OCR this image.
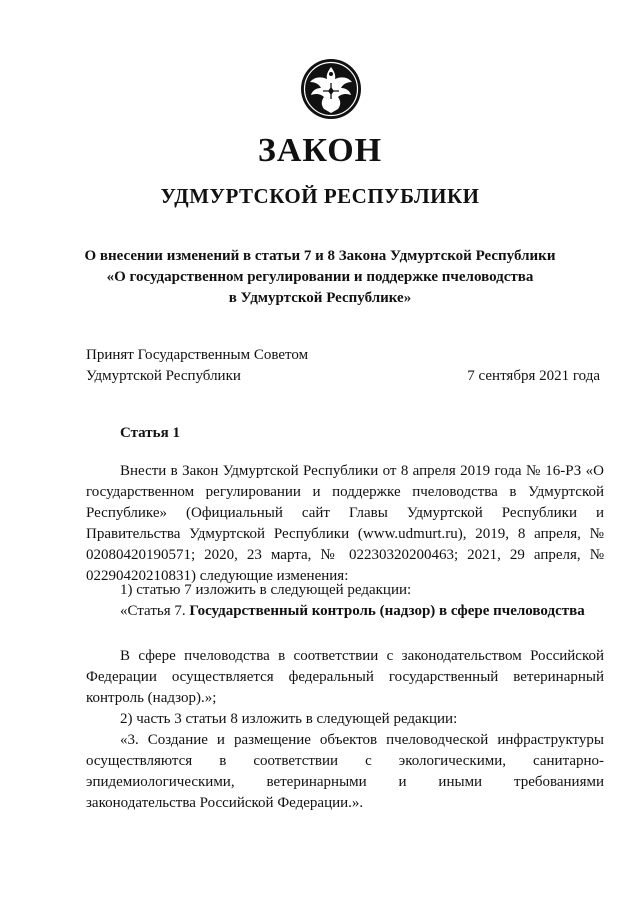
ЗАКОН
УДМУРТСКОЙ РЕСПУБЛИКИ

О внесении изменений в статьи 7 и 8 Закона Удмуртской Республики
«О государственном регулировании и поддержке пчеловодства
в Удмуртской Республике»

Принят Государственным Советом
Удмуртской Республики	7 сентября 2021 года
Статья 1

Внести в Закон Удмуртской Республики от 8 апреля 2019 года № 16-РЗ «О государственном регулировании и поддержке пчеловодства в Удмуртской Республике» (Официальный сайт Главы Удмуртской Республики и Правительства Удмуртской Республики (www.udmurt.ru), 2019, 8 апреля, № 02080420190571; 2020, 23 марта, № 02230320200463; 2021, 29 апреля, № 02290420210831) следующие изменения:

1) статью 7 изложить в следующей редакции:

«Статья 7. Государственный контроль (надзор) в сфере пчеловодства

В сфере пчеловодства в соответствии с законодательством Российской Федерации осуществляется федеральный государственный ветеринарный контроль (надзор).»;

2) часть 3 статьи 8 изложить в следующей редакции:

«3. Создание и размещение объектов пчеловодческой инфраструктуры осуществляются в соответствии с экологическими, санитарно-эпидемиологическими, ветеринарными и иными требованиями законодательства Российской Федерации.».
